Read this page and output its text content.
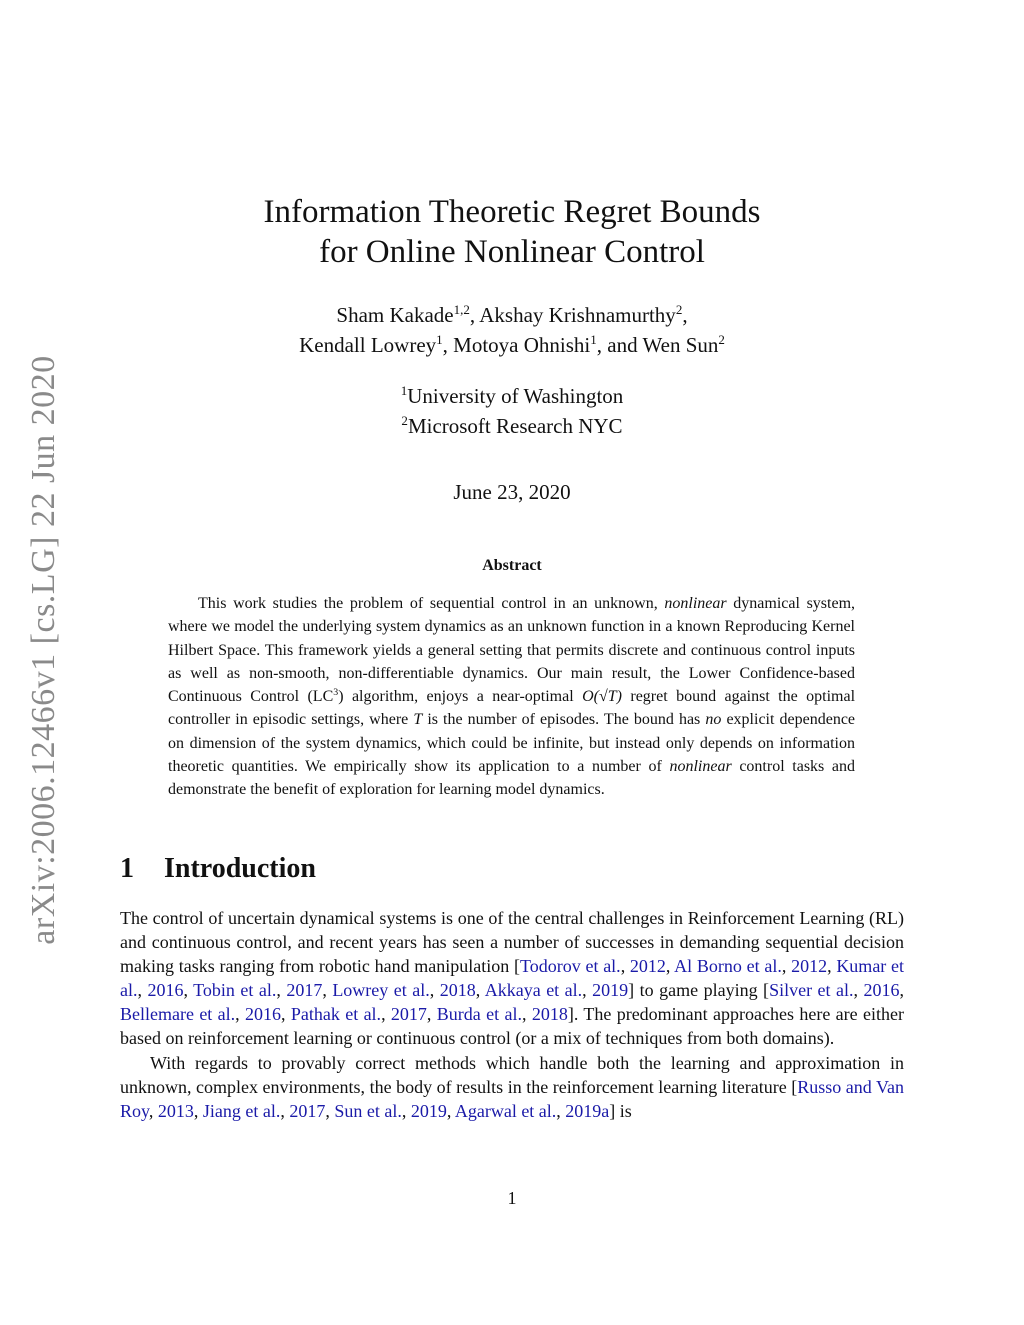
arXiv:2006.12466v1 [cs.LG] 22 Jun 2020
Information Theoretic Regret Bounds
for Online Nonlinear Control
Sham Kakade$^{1,2}$, Akshay Krishnamurthy$^2$,
Kendall Lowrey$^1$, Motoya Ohnishi$^1$, and Wen Sun$^2$
$^1$University of Washington
$^2$Microsoft Research NYC
June 23, 2020
Abstract

This work studies the problem of sequential control in an unknown, nonlinear dynamical system, where we model the underlying system dynamics as an unknown function in a known Reproducing Kernel Hilbert Space. This framework yields a general setting that permits discrete and continuous control inputs as well as non-smooth, non-differentiable dynamics. Our main result, the Lower Confidence-based Continuous Control $(LC^3)$ algorithm, enjoys a near-optimal O(√T) regret bound against the optimal controller in episodic settings, where T is the number of episodes. The bound has no explicit dependence on dimension of the system dynamics, which could be infinite, but instead only depends on information theoretic quantities. We empirically show its application to a number of nonlinear control tasks and demonstrate the benefit of exploration for learning model dynamics.

1 Introduction

The control of uncertain dynamical systems is one of the central challenges in Reinforcement Learning (RL) and continuous control, and recent years has seen a number of successes in demanding sequential decision making tasks ranging from robotic hand manipulation [Todorov et al., 2012, Al Borno et al., 2012, Kumar et al., 2016, Tobin et al., 2017, Lowrey et al., 2018, Akkaya et al., 2019] to game playing [Silver et al., 2016, Bellemare et al., 2016, Pathak et al., 2017, Burda et al., 2018]. The predominant approaches here are either based on reinforcement learning or continuous control (or a mix of techniques from both domains).

With regards to provably correct methods which handle both the learning and approximation in unknown, complex environments, the body of results in the reinforcement learning literature [Russo and Van Roy, 2013, Jiang et al., 2017, Sun et al., 2019, Agarwal et al., 2019a] is

1
